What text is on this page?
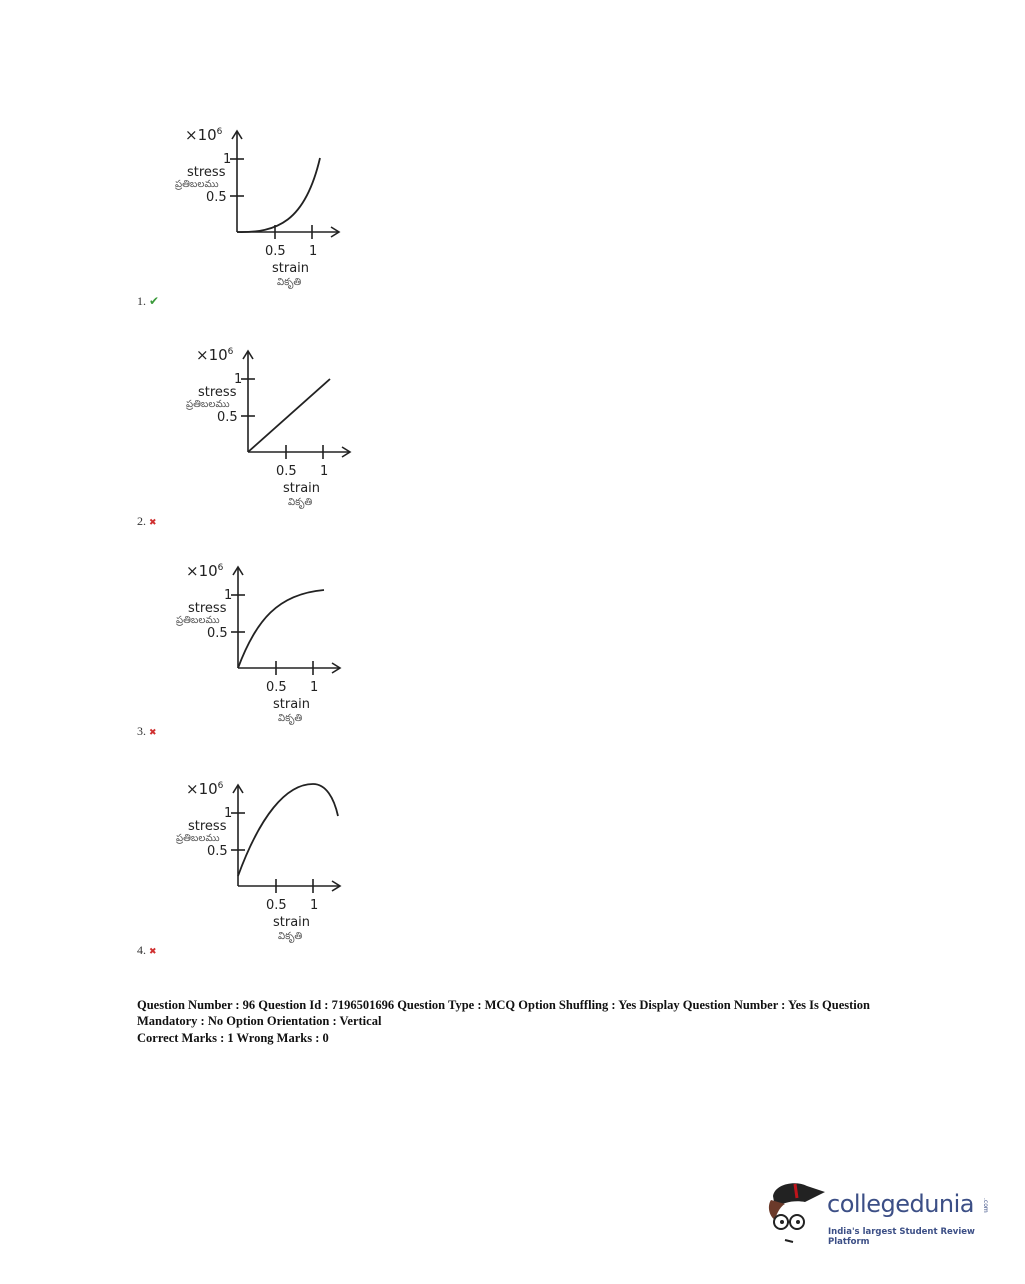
$\times 10^6$
1
stress
ప్రతిబలము
0.5
0.5 1
strain
వికృతి
$\times 10^6$
1
stress
ప్రతిబలము
0.5
0.5 1
strain
వికృతి
$\times 10^6$
1
stress
ప్రతిబలము
0.5
0.5 1
strain
వికృతి
$\times 10^6$
1
stress
ప్రతిబలము
0.5
0.5 1
strain
వికృతి
1. ✔
2. ✖
3. ✖
4. ✖
Question Number : 96 Question Id : 7196501696 Question Type : MCQ Option Shuffling : Yes Display Question Number : Yes Is Question Mandatory : No Option Orientation : Vertical
Correct Marks : 1 Wrong Marks : 0
collegedunia .com
India's largest Student Review Platform
